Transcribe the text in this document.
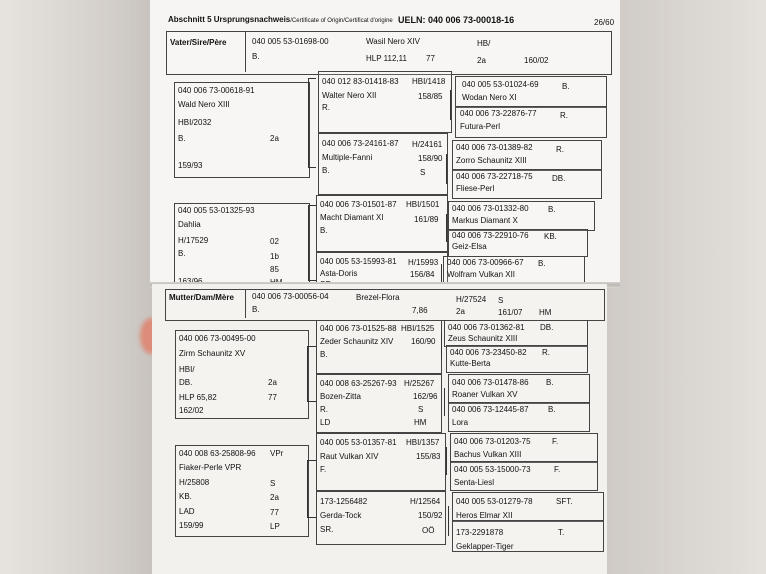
Abschnitt 5 Ursprungsnachweis/Certificate of Origin/Certificat d'origine UELN: 040 006 73-00018-16	26/60
Vater/Sire/Père	040 005 53-01698-00	Wasil Nero XIV	HB/
B.	HLP 112,11 77	2a	160/02
040 006 73-00618-91
Wald Nero XIII
HBI/2032
B.	2a
159/93
040 005 53-01325-93
Dahlia
H/17529	02
B.	1b
85
040 012 83-01418-83 HBI/1418
Walter Nero XII	158/85
R.
040 006 73-24161-87 H/24161
Multiple-Fanni	158/90
B.	S
040 006 73-01501-87 HBI/1501
Macht Diamant XI	161/89
B.
040 005 53-15993-81 H/15993
Asta-Doris	156/84
040 005 53-01024-69	B.
Wodan Nero XI
040 006 73-22876-77	R.
Futura-Perl
040 006 73-01389-82	R.
Zorro Schaunitz XIII
040 006 73-22718-75 DB.
Fliese-Perl
040 006 73-01332-80 B.
Markus Diamant X
040 006 73-22910-76 KB.
Geiz-Elsa
040 006 73-00966-67 B.
Wolfram Vulkan XII
Mutter/Dam/Mère 040 006 73-00056-04	Brezel-Flora	H/27524 S
B.	7,86	2a	161/07 HM
040 006 73-00495-00
Zirm Schaunitz XV
HBI/
DB.	2a
HLP 65,82	77
162/02
040 008 63-25808-96 VPr
Fiaker-Perle VPR
H/25808	S
KB.	2a
LAD	77
159/99	LP
040 006 73-01525-88 HBI/1525
Zeder Schaunitz XIV 160/90
B.
040 008 63-25267-93 H/25267
Bozen-Zitta	162/96
R.	S
LD	HM
040 005 53-01357-81 HBI/1357
Raut Vulkan XIV	155/83
F.
173-1256482	H/12564
Gerda-Tock	150/92
SR.	OÖ
040 006 73-01362-81 DB.
Zeus Schaunitz XIII
040 006 73-23450-82 R.
Kutte-Berta
040 006 73-01478-86 B.
Roaner Vulkan XV
040 006 73-12445-87 B.
Lora
040 006 73-01203-75	F.
Bachus Vulkan XIII
040 005 53-15000-73	F.
Senta-Liesl
040 005 53-01279-78	SFT.
Heros Elmar XII
173-2291878	T.
Geklapper-Tiger
